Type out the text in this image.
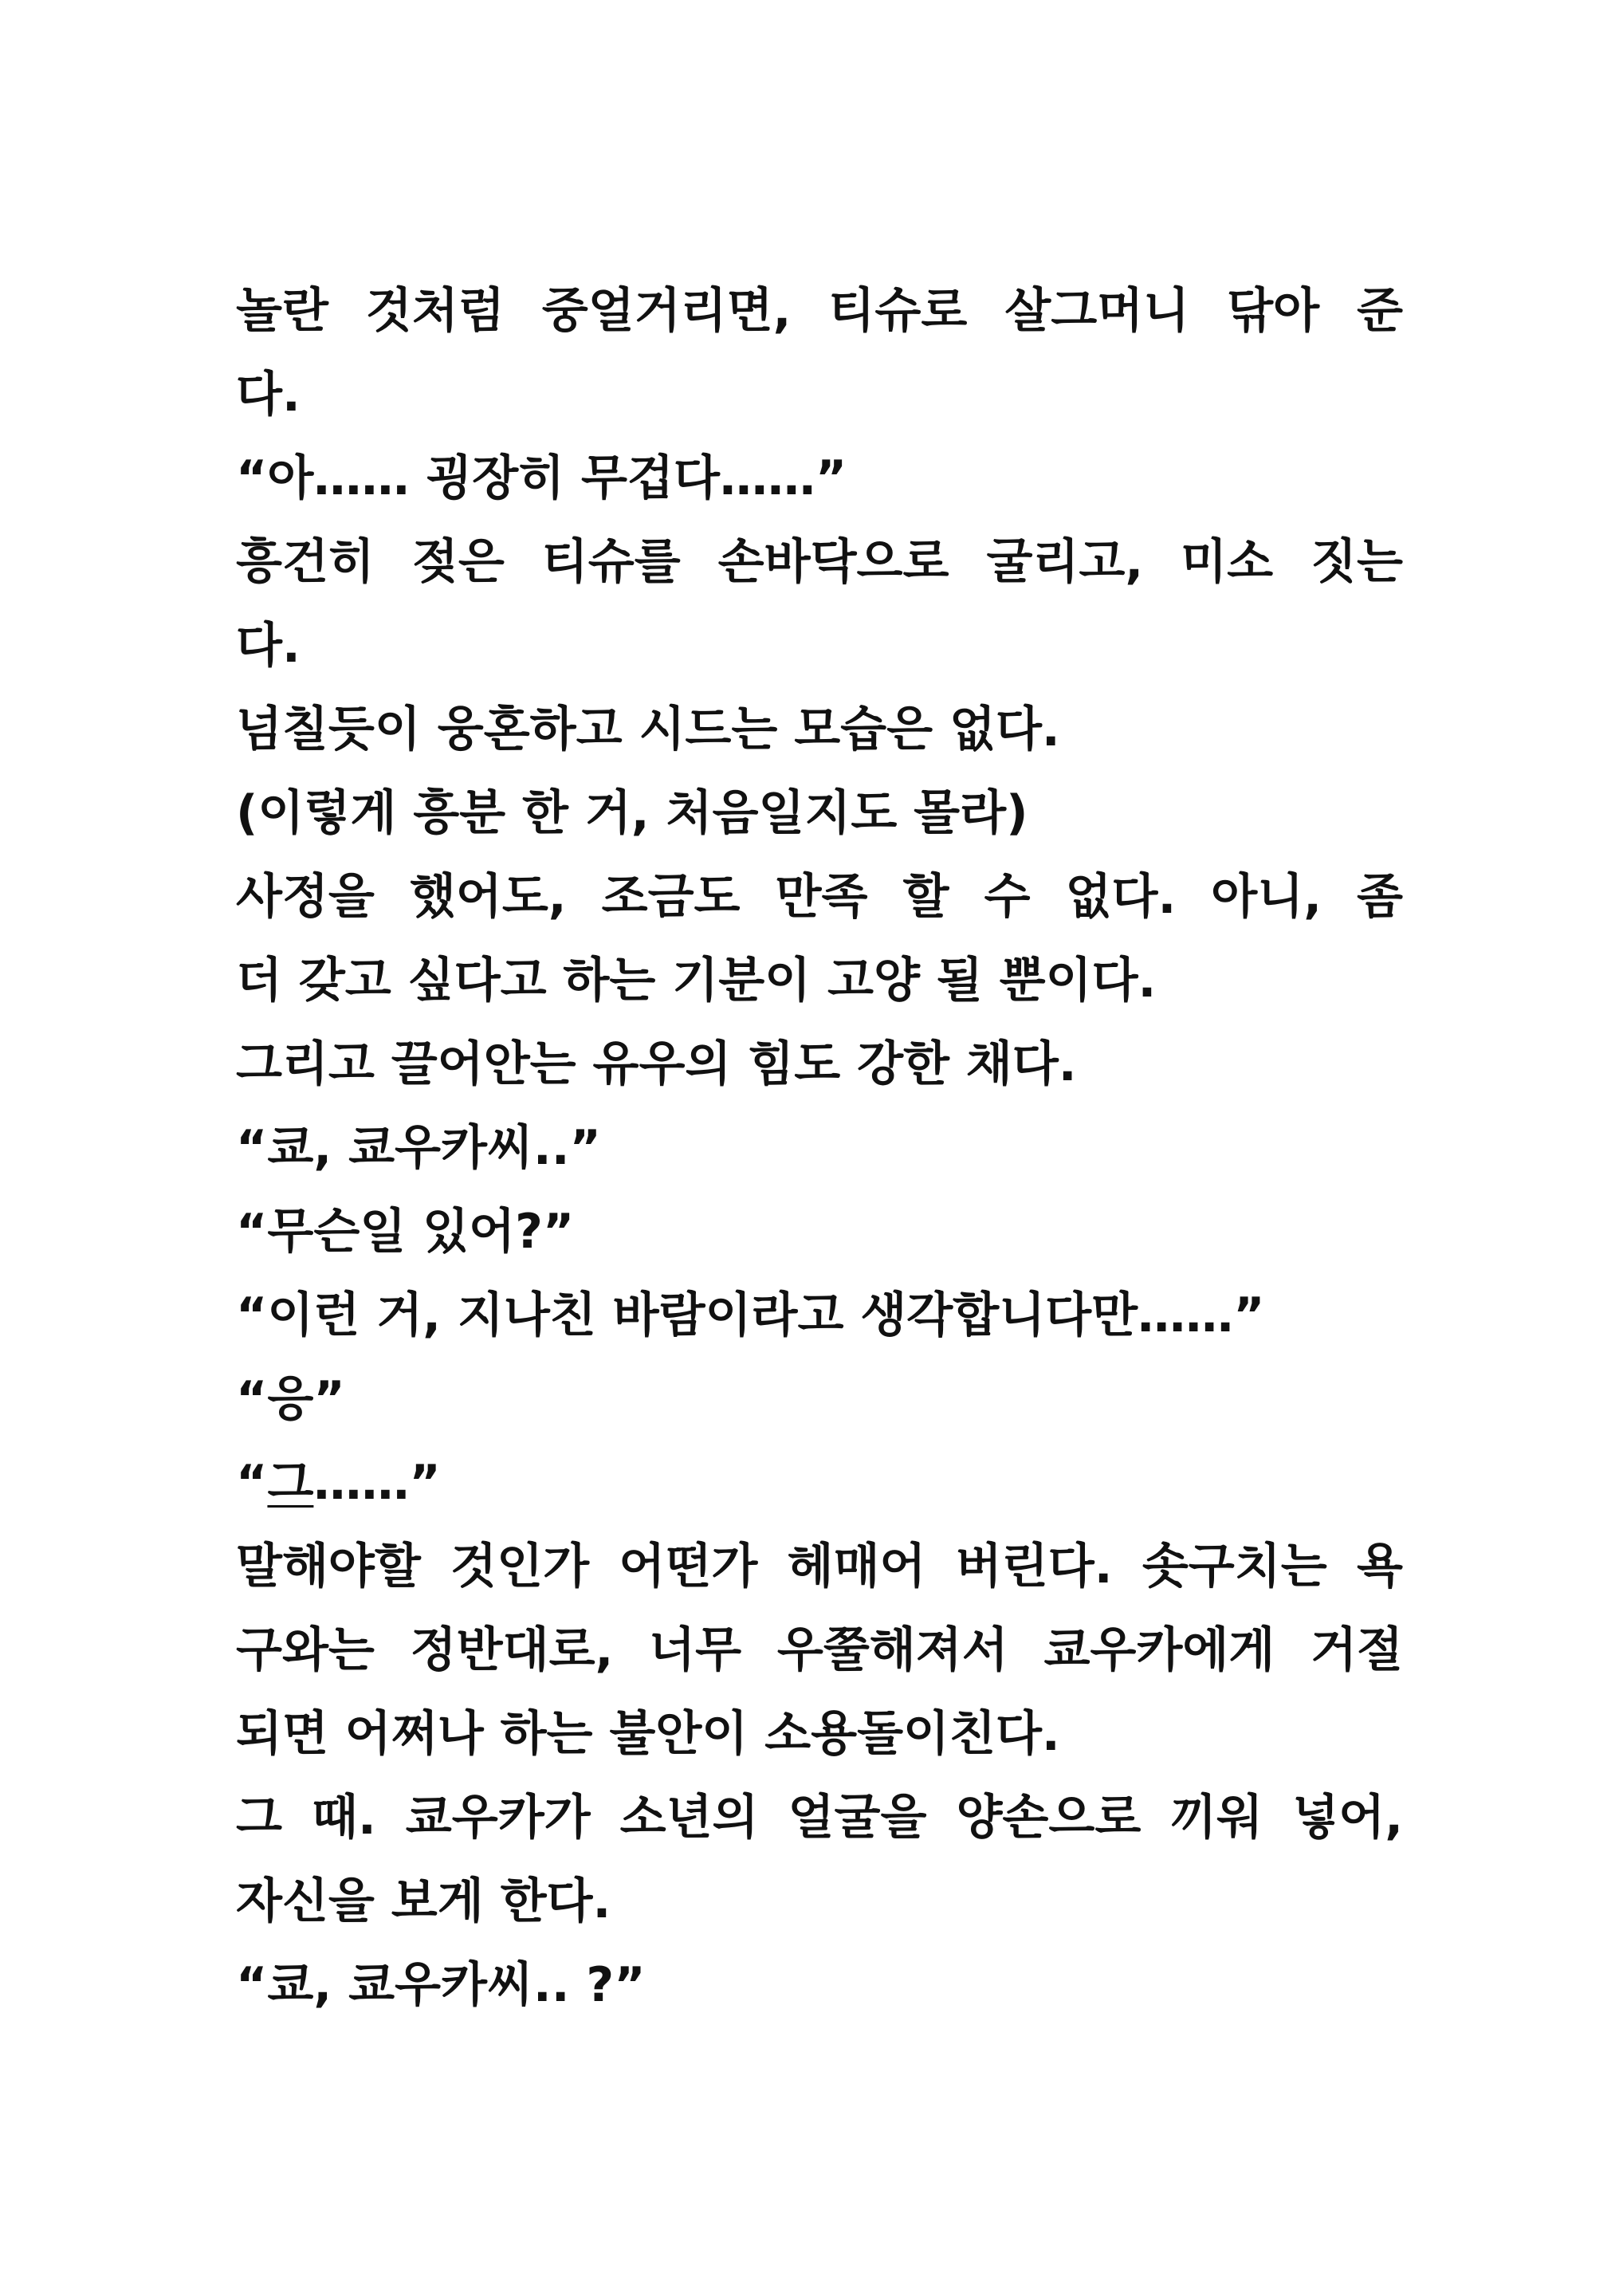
놀란 것처럼 중얼거리면, 티슈로 살그머니 닦아 준
다.
“아…… 굉장히 무겁다……”
흥건히 젖은 티슈를 손바닥으로 굴리고, 미소 짓는
다.
넘칠듯이 웅혼하고 시드는 모습은 없다.
(이렇게 흥분 한 거, 처음일지도 몰라)
사정을 했어도, 조금도 만족 할 수 없다. 아니, 좀
더 갖고 싶다고 하는 기분이 고양 될 뿐이다.
그리고 끌어안는 유우의 힘도 강한 채다.
“쿄, 쿄우카씨..”
“무슨일 있어?”
“이런 거, 지나친 바람이라고 생각합니다만……”
“응”
“그……”
말해야할 것인가 어떤가 헤매어 버린다. 솟구치는 욕
구와는 정반대로, 너무 우쭐해져서 쿄우카에게 거절
되면 어쩌나 하는 불안이 소용돌이친다.
그 때. 쿄우카가 소년의 얼굴을 양손으로 끼워 넣어,
자신을 보게 한다.
“쿄, 쿄우카씨.. ?”
